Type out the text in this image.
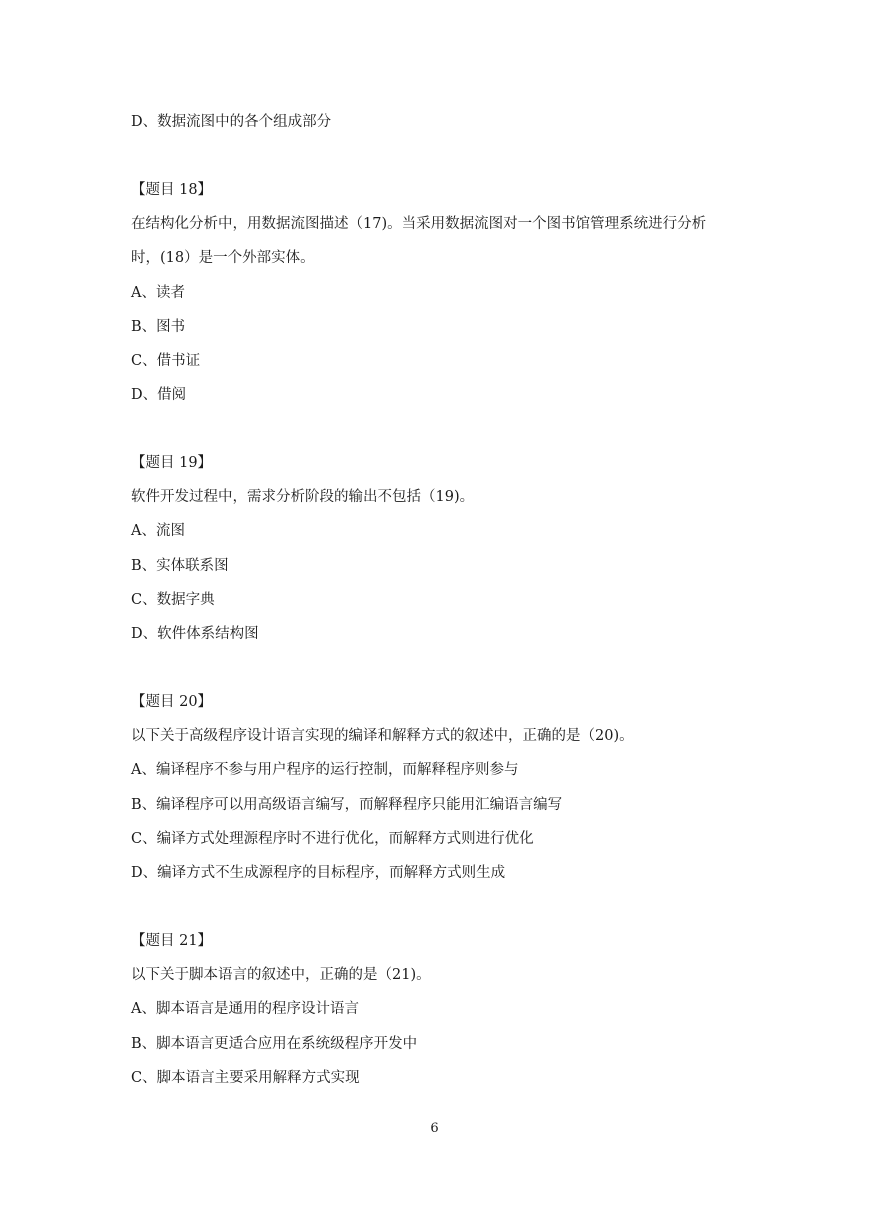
D、数据流图中的各个组成部分
【题目 18】
在结构化分析中，用数据流图描述（17)。当采用数据流图对一个图书馆管理系统进行分析
时，(18）是一个外部实体。
A、读者
B、图书
C、借书证
D、借阅
【题目 19】
软件开发过程中，需求分析阶段的输出不包括（19)。
A、流图
B、实体联系图
C、数据字典
D、软件体系结构图
【题目 20】
以下关于高级程序设计语言实现的编译和解释方式的叙述中，正确的是（20)。
A、编译程序不参与用户程序的运行控制，而解释程序则参与
B、编译程序可以用高级语言编写，而解释程序只能用汇编语言编写
C、编译方式处理源程序时不进行优化，而解释方式则进行优化
D、编译方式不生成源程序的目标程序，而解释方式则生成
【题目 21】
以下关于脚本语言的叙述中，正确的是（21)。
A、脚本语言是通用的程序设计语言
B、脚本语言更适合应用在系统级程序开发中
C、脚本语言主要采用解释方式实现
6
